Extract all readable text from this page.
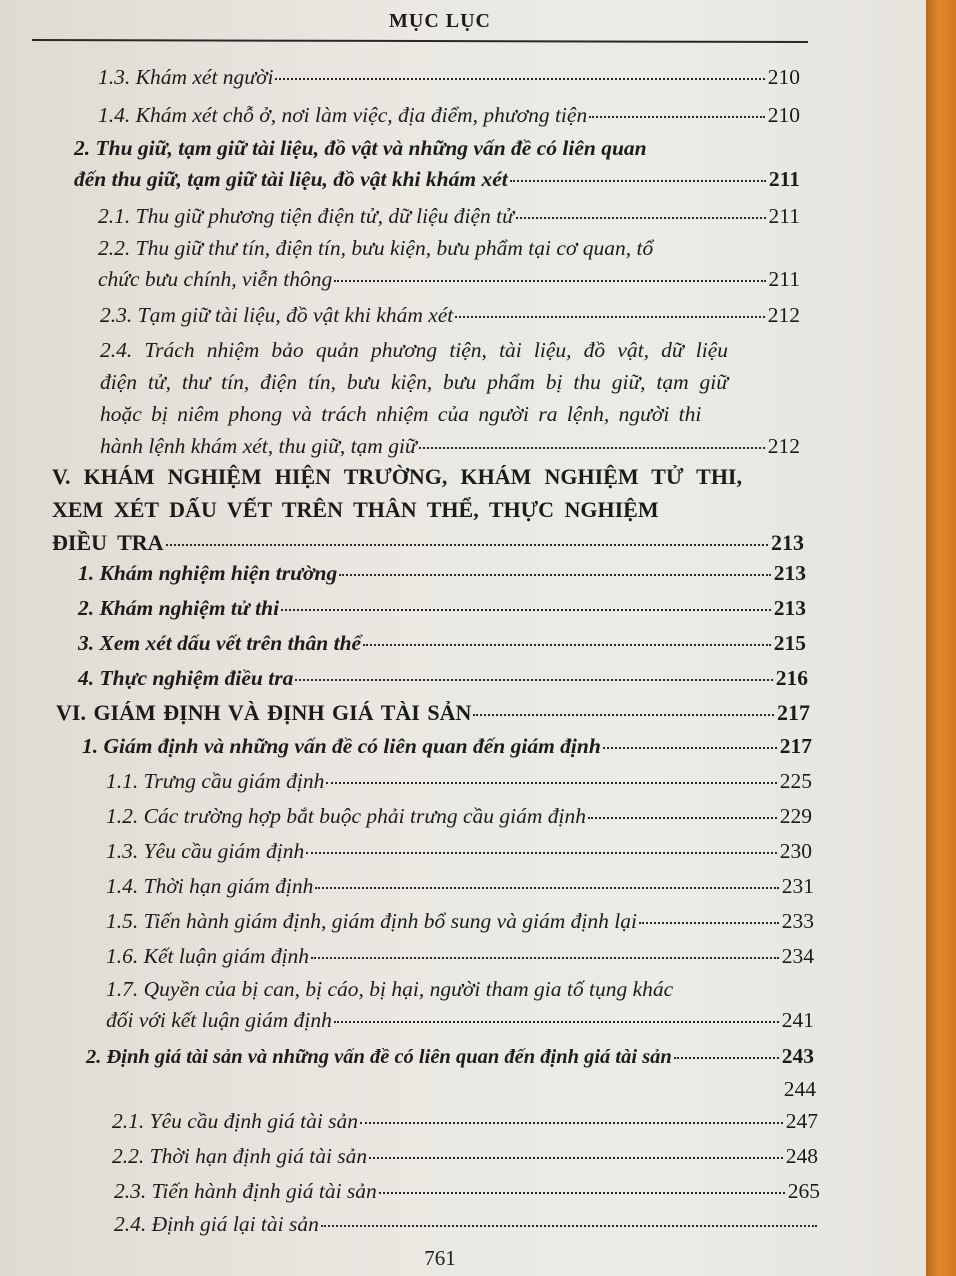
MỤC LỤC
1.3. Khám xét người	210
1.4. Khám xét chỗ ở, nơi làm việc, địa điểm, phương tiện	210
2. Thu giữ, tạm giữ tài liệu, đồ vật và những vấn đề có liên quan
đến thu giữ, tạm giữ tài liệu, đồ vật khi khám xét	211
2.1. Thu giữ phương tiện điện tử, dữ liệu điện tử	211
2.2. Thu giữ thư tín, điện tín, bưu kiện, bưu phẩm tại cơ quan, tổ
chức bưu chính, viễn thông	211
2.3. Tạm giữ tài liệu, đồ vật khi khám xét	212
2.4. Trách nhiệm bảo quản phương tiện, tài liệu, đồ vật, dữ liệu điện tử, thư tín, điện tín, bưu kiện, bưu phẩm bị thu giữ, tạm giữ hoặc bị niêm phong và trách nhiệm của người ra lệnh, người thi
hành lệnh khám xét, thu giữ, tạm giữ	212
V. KHÁM NGHIỆM HIỆN TRƯỜNG, KHÁM NGHIỆM TỬ THI, XEM XÉT DẤU VẾT TRÊN THÂN THỂ, THỰC NGHIỆM
ĐIỀU TRA	213
1. Khám nghiệm hiện trường	213
2. Khám nghiệm tử thi	213
3. Xem xét dấu vết trên thân thể	215
4. Thực nghiệm điều tra	216
VI. GIÁM ĐỊNH VÀ ĐỊNH GIÁ TÀI SẢN	217
1. Giám định và những vấn đề có liên quan đến giám định	217
1.1. Trưng cầu giám định	225
1.2. Các trường hợp bắt buộc phải trưng cầu giám định	229
1.3. Yêu cầu giám định	230
1.4. Thời hạn giám định	231
1.5. Tiến hành giám định, giám định bổ sung và giám định lại	233
1.6. Kết luận giám định	234
1.7. Quyền của bị can, bị cáo, bị hại, người tham gia tố tụng khác
đối với kết luận giám định	241
2. Định giá tài sản và những vấn đề có liên quan đến định giá tài sản	243
244
2.1. Yêu cầu định giá tài sản	247
2.2. Thời hạn định giá tài sản	248
2.3. Tiến hành định giá tài sản	265
2.4. Định giá lại tài sản
761
